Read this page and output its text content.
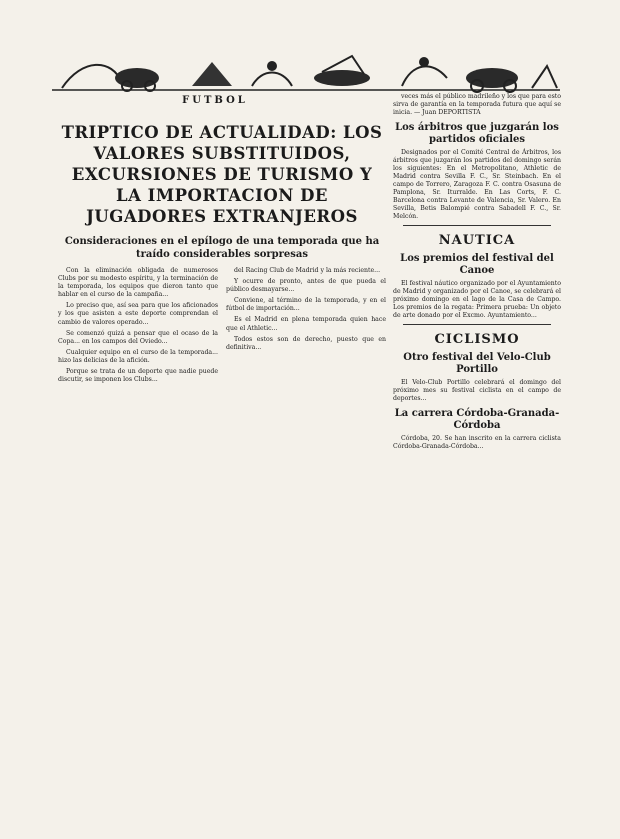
FUTBOL
TRIPTICO DE ACTUALIDAD: LOS VALORES SUBSTITUIDOS, EXCURSIONES DE TURISMO Y LA IMPORTACION DE JUGADORES EXTRANJEROS
Consideraciones en el epílogo de una temporada que ha traído considerables sorpresas

Con la eliminación obligada de numerosos Clubs por su modesto espíritu, y la terminación de la temporada, los equipos que dieron tanto que hablar en el curso de la campaña...

Lo preciso que, así sea para que los aficionados y los que asisten a este deporte comprendan el cambio de valores operado...

Se comenzó quizá a pensar que el ocaso de la Copa... en los campos del Oviedo...

Cualquier equipo en el curso de la temporada... hizo las delicias de la afición.

Porque se trata de un deporte que nadie puede discutir, se imponen los Clubs...

del Racing Club de Madrid y la más reciente...

Y ocurre de pronto, antes de que pueda el público desmayarse...

Conviene, al término de la temporada, y en el fútbol de importación...

Es el Madrid en plena temporada quien hace que el Athletic...

Todos estos son de derecho, puesto que en definitiva...

veces más el público madrileño y los que para esto sirva de garantía en la temporada futura que aquí se inicia. — Juan DEPORTISTA

Los árbitros que juzgarán los partidos oficiales

Designados por el Comité Central de Árbitros, los árbitros que juzgarán los partidos del domingo serán los siguientes: En el Metropolitano, Athletic de Madrid contra Sevilla F. C., Sr. Steinbach. En el campo de Torrero, Zaragoza F. C. contra Osasuna de Pamplona, Sr. Iturralde. En Las Corts, F. C. Barcelona contra Levante de Valencia, Sr. Valero. En Sevilla, Betis Balompié contra Sabadell F. C., Sr. Melcón.

NAUTICA
Los premios del festival del Canoe

El festival náutico organizado por el Ayuntamiento de Madrid y organizado por el Canoe, se celebrará el próximo domingo en el lago de la Casa de Campo. Los premios de la regata: Primera prueba: Un objeto de arte donado por el Excmo. Ayuntamiento...

CICLISMO
Otro festival del Velo-Club Portillo

El Velo-Club Portillo celebrará el domingo del próximo mes su festival ciclista en el campo de deportes...

La carrera Córdoba-Granada-Córdoba

Córdoba, 20. Se han inscrito en la carrera ciclista Córdoba-Granada-Córdoba...
